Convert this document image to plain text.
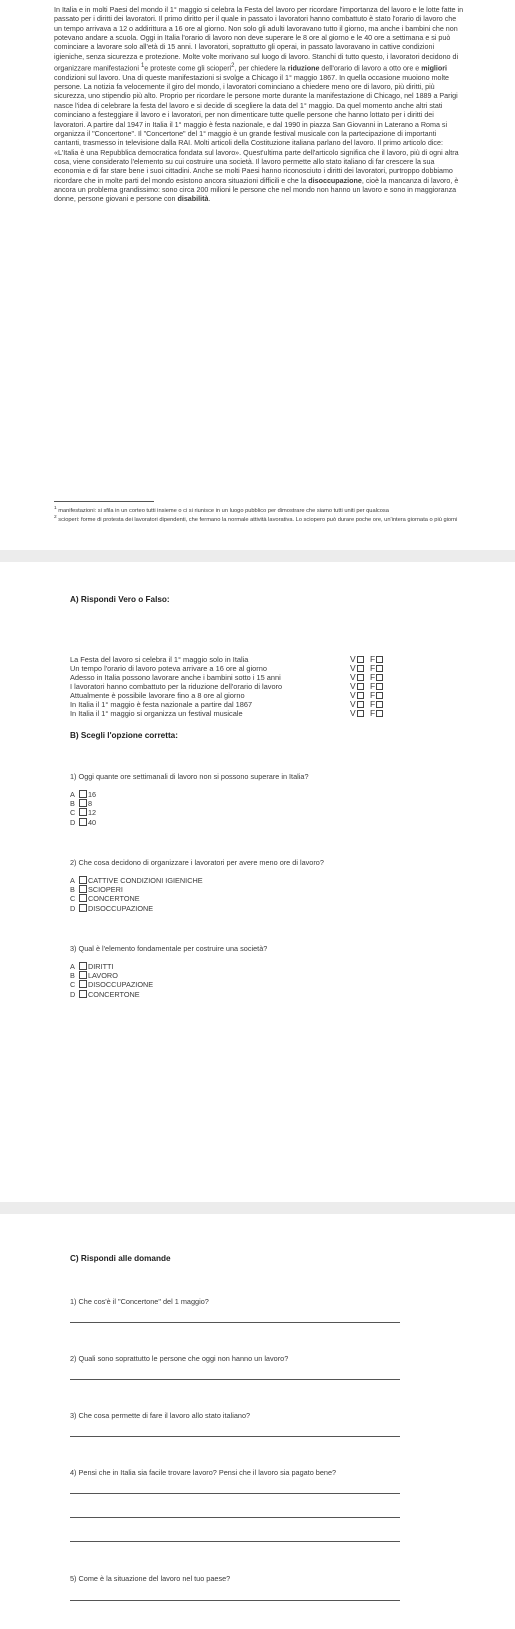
In Italia e in molti Paesi del mondo il 1° maggio si celebra la Festa del lavoro per ricordare l'importanza del lavoro e le lotte fatte in passato per i diritti dei lavoratori. Il primo diritto per il quale in passato i lavoratori hanno combattuto è stato l'orario di lavoro che un tempo arrivava a 12 o addirittura a 16 ore al giorno. Non solo gli adulti lavoravano tutto il giorno, ma anche i bambini che non potevano andare a scuola. Oggi in Italia l'orario di lavoro non deve superare le 8 ore al giorno e le 40 ore a settimana e si può cominciare a lavorare solo all'età di 15 anni. I lavoratori, soprattutto gli operai, in passato lavoravano in cattive condizioni igieniche, senza sicurezza e protezione. Molte volte morivano sul luogo di lavoro. Stanchi di tutto questo, i lavoratori decidono di organizzare manifestazioni $^1$e proteste come gli scioperi$^2$, per chiedere la riduzione dell'orario di lavoro a otto ore e migliori condizioni sul lavoro. Una di queste manifestazioni si svolge a Chicago il 1° maggio 1867. In quella occasione muoiono molte persone. La notizia fa velocemente il giro del mondo, i lavoratori cominciano a chiedere meno ore di lavoro, più diritti, più sicurezza, uno stipendio più alto. Proprio per ricordare le persone morte durante la manifestazione di Chicago, nel 1889 a Parigi nasce l'idea di celebrare la festa del lavoro e si decide di scegliere la data del 1° maggio. Da quel momento anche altri stati cominciano a festeggiare il lavoro e i lavoratori, per non dimenticare tutte quelle persone che hanno lottato per i diritti dei lavoratori. A partire dal 1947 in Italia il 1° maggio è festa nazionale, e dal 1990 in piazza San Giovanni in Laterano a Roma si organizza il "Concertone". Il "Concertone" del 1° maggio è un grande festival musicale con la partecipazione di importanti cantanti, trasmesso in televisione dalla RAI. Molti articoli della Costituzione italiana parlano del lavoro. Il primo articolo dice: «L'Italia è una Repubblica democratica fondata sul lavoro». Quest'ultima parte dell'articolo significa che il lavoro, più di ogni altra cosa, viene considerato l'elemento su cui costruire una società. Il lavoro permette allo stato italiano di far crescere la sua economia e di far stare bene i suoi cittadini. Anche se molti Paesi hanno riconosciuto i diritti dei lavoratori, purtroppo dobbiamo ricordare che in molte parti del mondo esistono ancora situazioni difficili e che la disoccupazione, cioè la mancanza di lavoro, è ancora un problema grandissimo: sono circa 200 milioni le persone che nel mondo non hanno un lavoro e sono in maggioranza donne, persone giovani e persone con disabilità.
$^1$ manifestazioni: si sfila in un corteo tutti insieme o ci si riunisce in un luogo pubblico per dimostrare che siamo tutti uniti per qualcosa
$^2$ scioperi: forme di protesta dei lavoratori dipendenti, che fermano la normale attività lavorativa. Lo sciopero può durare poche ore, un'intera giornata o più giorni
A) Rispondi Vero o Falso:
La Festa del lavoro si celebra il 1° maggio solo in Italia	V	F
Un tempo l'orario di lavoro poteva arrivare a 16 ore al giorno	V	F
Adesso in Italia possono lavorare anche i bambini sotto i 15 anni	V	F
I lavoratori hanno combattuto per la riduzione dell'orario di lavoro	V	F
Attualmente è possibile lavorare fino a 8 ore al giorno	V	F
In Italia il 1° maggio è festa nazionale a partire dal 1867	V	F
In Italia il 1° maggio si organizza un festival musicale	V	F
B) Scegli l'opzione corretta:
1) Oggi quante ore settimanali di lavoro non si possono superare in Italia?
A 16
B 8
C 12
D 40
2) Che cosa decidono di organizzare i lavoratori per avere meno ore di lavoro?
A CATTIVE CONDIZIONI IGIENICHE
B SCIOPERI
C CONCERTONE
D DISOCCUPAZIONE
3) Qual è l'elemento fondamentale per costruire una società?
A DIRITTI
B LAVORO
C DISOCCUPAZIONE
D CONCERTONE
C) Rispondi alle domande
1) Che cos'è il "Concertone" del 1 maggio?
2) Quali sono soprattutto le persone che oggi non hanno un lavoro?
3) Che cosa permette di fare il lavoro allo stato italiano?
4) Pensi che in Italia sia facile trovare lavoro? Pensi che il lavoro sia pagato bene?
5) Come è la situazione del lavoro nel tuo paese?
